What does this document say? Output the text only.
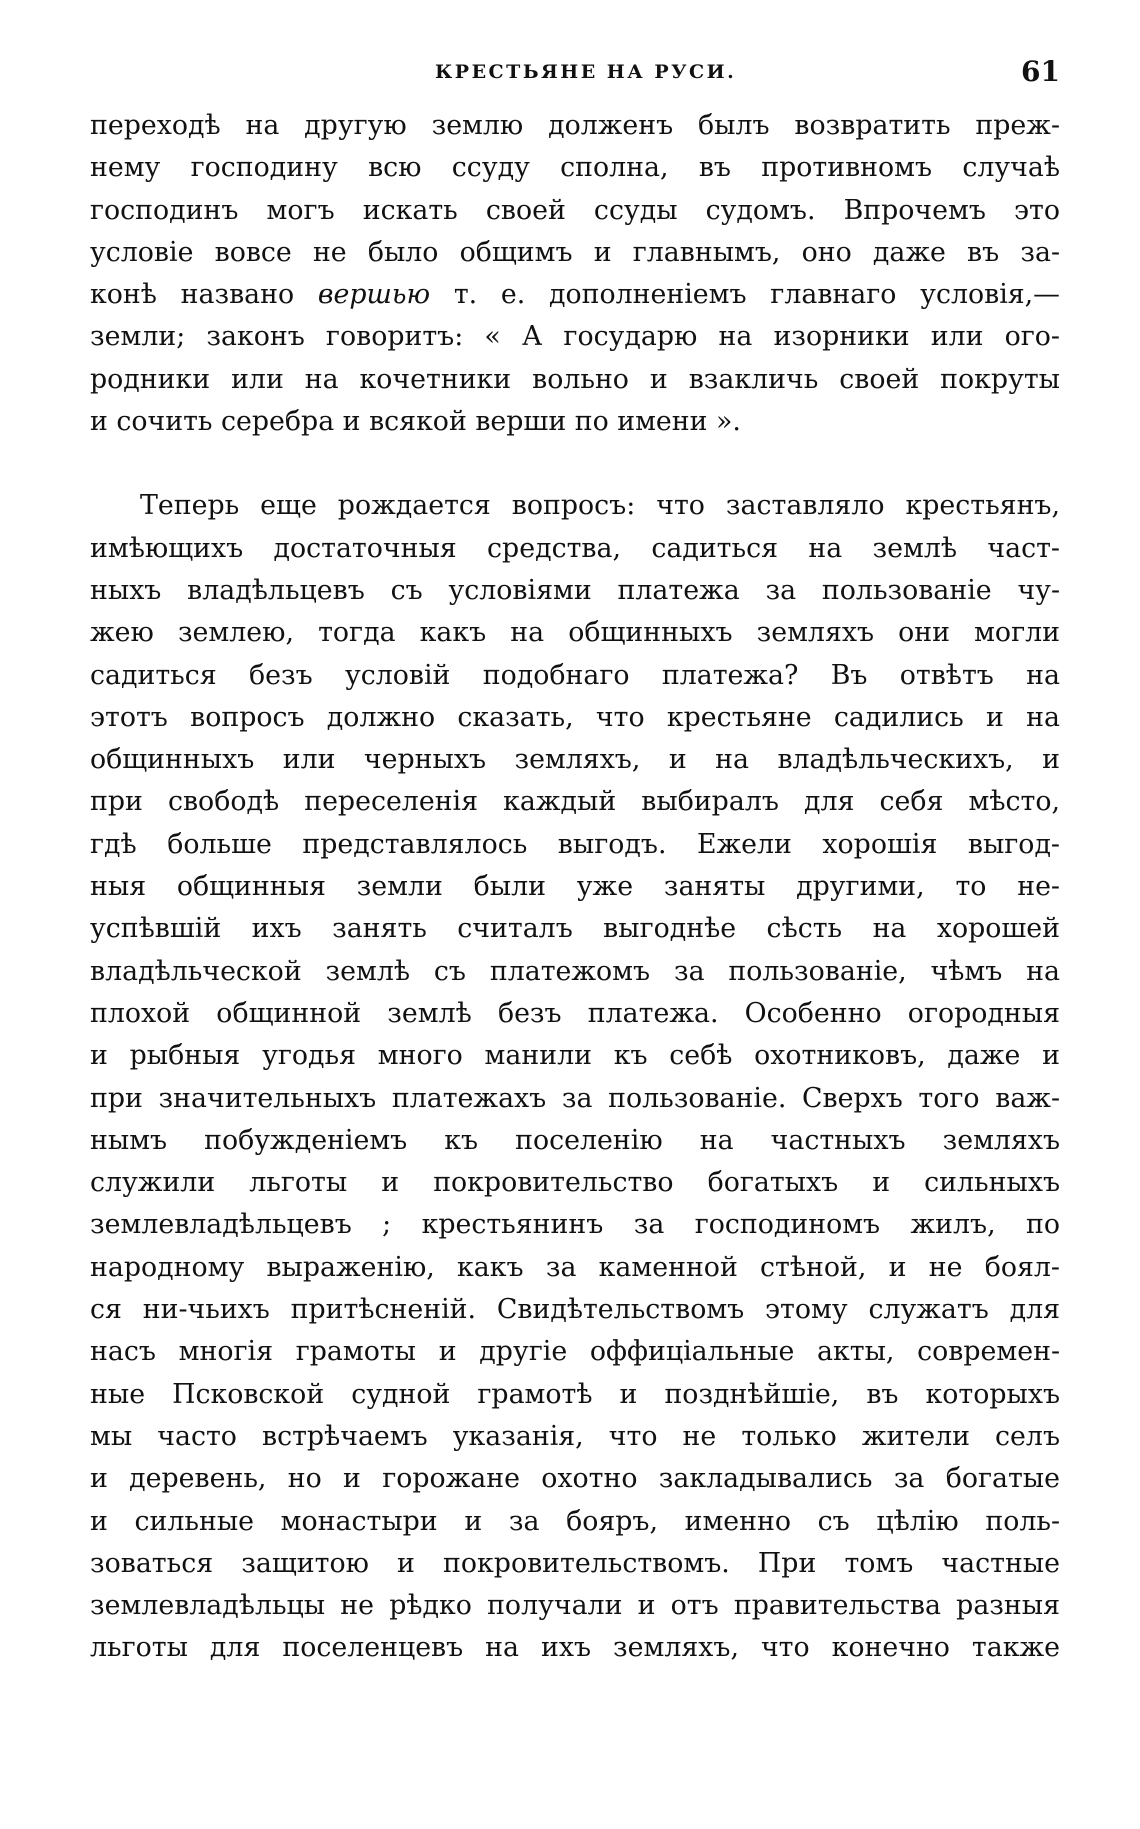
КРЕСТЬЯНЕ НА РУСИ.	61
переходѣ на другую землю долженъ былъ возвратить преж-
нему господину всю ссуду сполна, въ противномъ случаѣ
господинъ могъ искать своей ссуды судомъ. Впрочемъ это
условіе вовсе не было общимъ и главнымъ, оно даже въ за-
конѣ названо вершью т. е. дополненіемъ главнаго условія,—
земли; законъ говоритъ: « А государю на изорники или ого-
родники или на кочетники вольно и взакличь своей покруты
и сочить серебра и всякой верши по имени ».
Теперь еще рождается вопросъ: что заставляло крестьянъ,
имѣющихъ достаточныя средства, садиться на землѣ част-
ныхъ владѣльцевъ съ условіями платежа за пользованіе чу-
жею землею, тогда какъ на общинныхъ земляхъ они могли
садиться безъ условій подобнаго платежа? Въ отвѣтъ на
этотъ вопросъ должно сказать, что крестьяне садились и на
общинныхъ или черныхъ земляхъ, и на владѣльческихъ, и
при свободѣ переселенія каждый выбиралъ для себя мѣсто,
гдѣ больше представлялось выгодъ. Ежели хорошія выгод-
ныя общинныя земли были уже заняты другими, то не-
успѣвшій ихъ занять считалъ выгоднѣе сѣсть на хорошей
владѣльческой землѣ съ платежомъ за пользованіе, чѣмъ на
плохой общинной землѣ безъ платежа. Особенно огородныя
и рыбныя угодья много манили къ себѣ охотниковъ, даже и
при значительныхъ платежахъ за пользованіе. Сверхъ того важ-
нымъ побужденіемъ къ поселенію на частныхъ земляхъ
служили льготы и покровительство богатыхъ и сильныхъ
землевладѣльцевъ ; крестьянинъ за господиномъ жилъ, по
народному выраженію, какъ за каменной стѣной, и не боял-
ся ни-чьихъ притѣсненій. Свидѣтельствомъ этому служатъ для
насъ многія грамоты и другіе оффиціальные акты, современ-
ные Псковской судной грамотѣ и позднѣйшіе, въ которыхъ
мы часто встрѣчаемъ указанія, что не только жители селъ
и деревень, но и горожане охотно закладывались за богатые
и сильные монастыри и за бояръ, именно съ цѣлію поль-
зоваться защитою и покровительствомъ. При томъ частные
землевладѣльцы не рѣдко получали и отъ правительства разныя
льготы для поселенцевъ на ихъ земляхъ, что конечно также
